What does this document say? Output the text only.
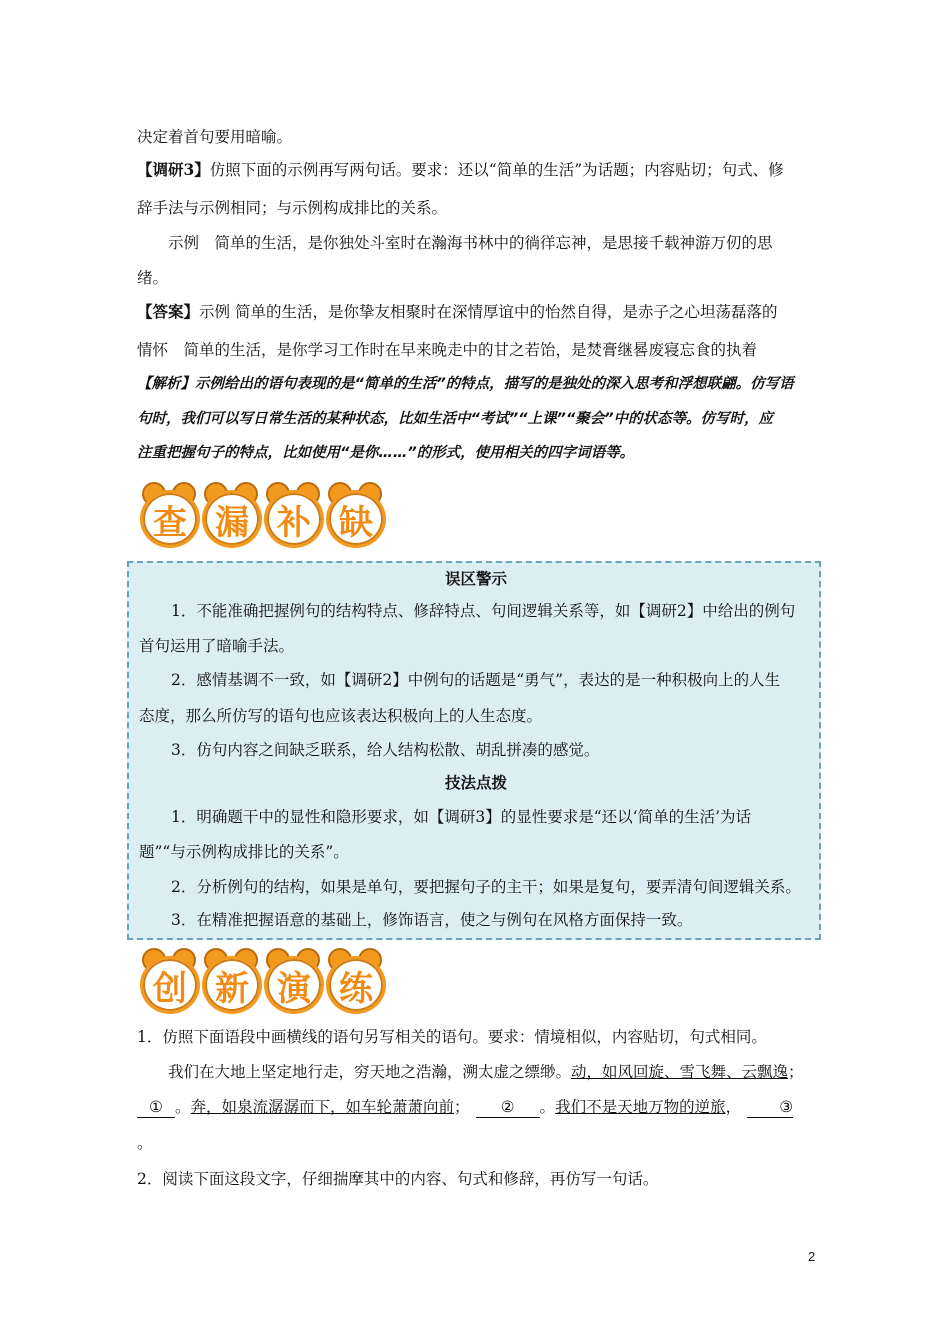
决定着首句要用暗喻。
【调研3】仿照下面的示例再写两句话。要求：还以“简单的生活”为话题；内容贴切；句式、修
辞手法与示例相同；与示例构成排比的关系。
示例　简单的生活，是你独处斗室时在瀚海书林中的徜徉忘神，是思接千载神游万仞的思
绪。
【答案】示例 简单的生活，是你挚友相聚时在深情厚谊中的怡然自得，是赤子之心坦荡磊落的
情怀　简单的生活，是你学习工作时在早来晚走中的甘之若饴，是焚膏继晷废寝忘食的执着
【解析】示例给出的语句表现的是“简单的生活”的特点，描写的是独处的深入思考和浮想联翩。仿写语
句时，我们可以写日常生活的某种状态，比如生活中“考试”“上课”“聚会”中的状态等。仿写时，应
注重把握句子的特点，比如使用“是你……”的形式，使用相关的四字词语等。
查 漏 补 缺
误区警示
1．不能准确把握例句的结构特点、修辞特点、句间逻辑关系等，如【调研2】中给出的例句
首句运用了暗喻手法。
2．感情基调不一致，如【调研2】中例句的话题是“勇气”，表达的是一种积极向上的人生
态度，那么所仿写的语句也应该表达积极向上的人生态度。
3．仿句内容之间缺乏联系，给人结构松散、胡乱拼凑的感觉。
技法点拨
1．明确题干中的显性和隐形要求，如【调研3】的显性要求是“还以‘简单的生活’为话
题”“与示例构成排比的关系”。
2．分析例句的结构，如果是单句，要把握句子的主干；如果是复句，要弄清句间逻辑关系。
3．在精准把握语意的基础上，修饰语言，使之与例句在风格方面保持一致。
创 新 演 练
1．仿照下面语段中画横线的语句另写相关的语句。要求：情境相似，内容贴切，句式相同。
我们在大地上坚定地行走，穷天地之浩瀚，溯太虚之缥缈。动，如风回旋、雪飞舞、云飘逸；
① 。奔，如泉流潺潺而下，如车轮萧萧向前； ② 。我们不是天地万物的逆旅， ③
。
2．阅读下面这段文字，仔细揣摩其中的内容、句式和修辞，再仿写一句话。
2
